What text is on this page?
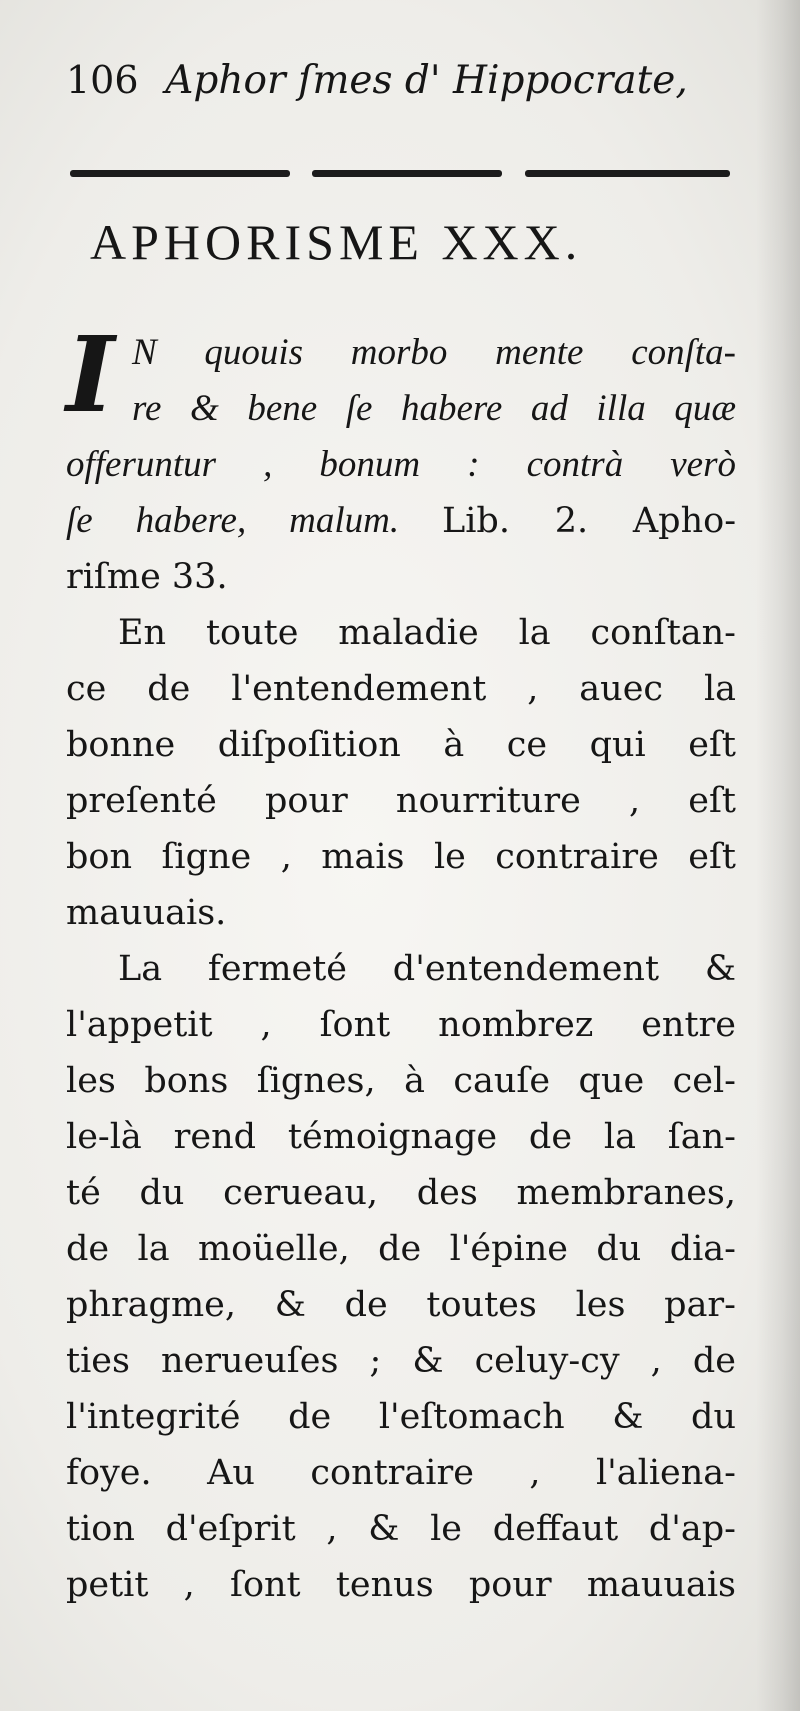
106 Aphor ſmes d' Hippocrate,
APHORISME XXX.
I N quouis morbo mente conſta-
re & bene ſe habere ad illa quæ
offeruntur , bonum : contrà verò
ſe habere, malum. Lib. 2. Apho-
riſme 33.
En toute maladie la conſtan-
ce de l'entendement , auec la
bonne diſpoſition à ce qui eſt
preſenté pour nourriture , eſt
bon ſigne , mais le contraire eſt
mauuais.
La fermeté d'entendement &
l'appetit , ſont nombrez entre
les bons ſignes, à cauſe que cel-
le-là rend témoignage de la ſan-
té du cerueau, des membranes,
de la moüelle, de l'épine du dia-
phragme, & de toutes les par-
ties nerueuſes ; & celuy-cy , de
l'integrité de l'eſtomach & du
foye. Au contraire , l'aliena-
tion d'eſprit , & le deffaut d'ap-
petit , ſont tenus pour mauuais
